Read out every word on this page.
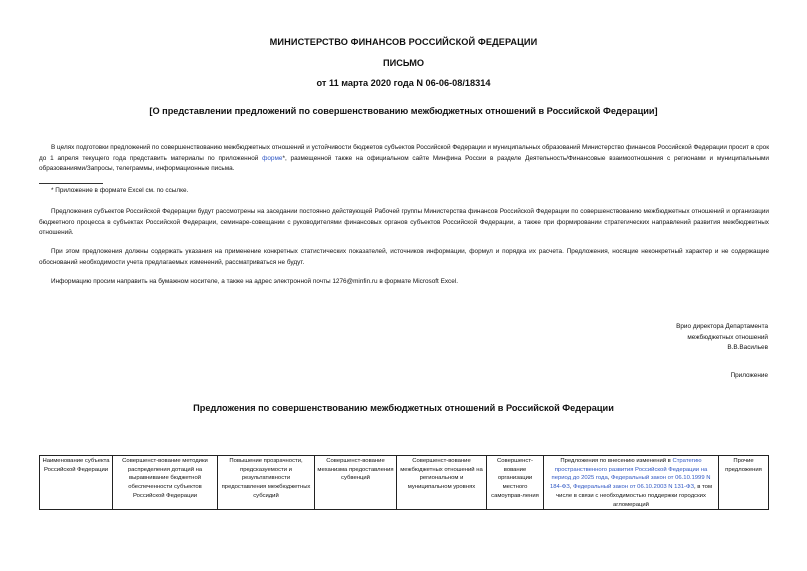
МИНИСТЕРСТВО ФИНАНСОВ РОССИЙСКОЙ ФЕДЕРАЦИИ
ПИСЬМО
от 11 марта 2020 года N 06-06-08/18314
[О представлении предложений по совершенствованию межбюджетных отношений в Российской Федерации]

В целях подготовки предложений по совершенствованию межбюджетных отношений и устойчивости бюджетов субъектов Российской Федерации и муниципальных образований Министерство финансов Российской Федерации просит в срок до 1 апреля текущего года представить материалы по приложенной форме*, размещенной также на официальном сайте Минфина России в разделе Деятельность/Финансовые взаимоотношения с регионами и муниципальными образованиями/Запросы, телеграммы, информационные письма.

* Приложение в формате Excel см. по ссылке.

Предложения субъектов Российской Федерации будут рассмотрены на заседании постоянно действующей Рабочей группы Министерства финансов Российской Федерации по совершенствованию межбюджетных отношений и организации бюджетного процесса в субъектах Российской Федерации, семинаре-совещании с руководителями финансовых органов субъектов Российской Федерации, а также при формировании стратегических направлений развития межбюджетных отношений.

При этом предложения должны содержать указания на применение конкретных статистических показателей, источников информации, формул и порядка их расчета. Предложения, носящие неконкретный характер и не содержащие обоснований необходимости учета предлагаемых изменений, рассматриваться не будут.

Информацию просим направить на бумажном носителе, а также на адрес электронной почты 1276@minfin.ru в формате Microsoft Excel.

Врио директора Департамента
межбюджетных отношений
В.В.Васильев
Приложение
Предложения по совершенствованию межбюджетных отношений в Российской Федерации
Наименование субъекта Российской Федерации	Совершенст-вование методики распределения дотаций на выравнивание бюджетной обеспеченности субъектов Российской Федерации	Повышение прозрачности, предсказуемости и результативности предоставления межбюджетных субсидий	Совершенст-вование механизма предоставления субвенций	Совершенст-вование межбюджетных отношений на региональном и муниципальном уровнях	Совершенст-вование организации местного самоуправ-ления	Предложения по внесению изменений в Стратегию пространственного развития Российской Федерации на период до 2025 года, Федеральный закон от 06.10.1999 N 184-ФЗ, Федеральный закон от 06.10.2003 N 131-ФЗ, в том числе в связи с необходимостью поддержки городских агломераций	Прочие предложения
